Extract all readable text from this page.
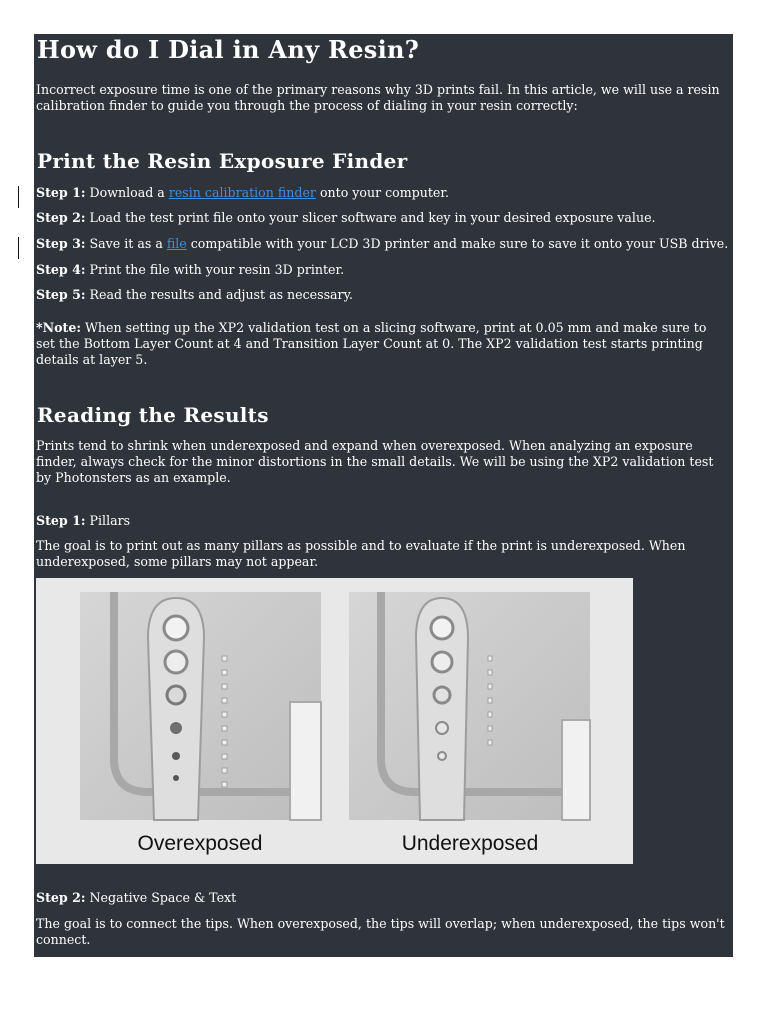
How do I Dial in Any Resin?

Incorrect exposure time is one of the primary reasons why 3D prints fail. In this article, we will use a resin calibration finder to guide you through the process of dialing in your resin correctly:

Print the Resin Exposure Finder

Step 1: Download a resin calibration finder onto your computer.

Step 2: Load the test print file onto your slicer software and key in your desired exposure value.

Step 3: Save it as a file compatible with your LCD 3D printer and make sure to save it onto your USB drive.

Step 4: Print the file with your resin 3D printer.

Step 5: Read the results and adjust as necessary.

*Note: When setting up the XP2 validation test on a slicing software, print at 0.05 mm and make sure to set the Bottom Layer Count at 4 and Transition Layer Count at 0. The XP2 validation test starts printing details at layer 5.

Reading the Results

Prints tend to shrink when underexposed and expand when overexposed. When analyzing an exposure finder, always check for the minor distortions in the small details. We will be using the XP2 validation test by Photonsters as an example.

Step 1: Pillars

The goal is to print out as many pillars as possible and to evaluate if the print is underexposed. When underexposed, some pillars may not appear.

Overexposed	Underexposed

Step 2: Negative Space & Text

The goal is to connect the tips. When overexposed, the tips will overlap; when underexposed, the tips won't connect.
